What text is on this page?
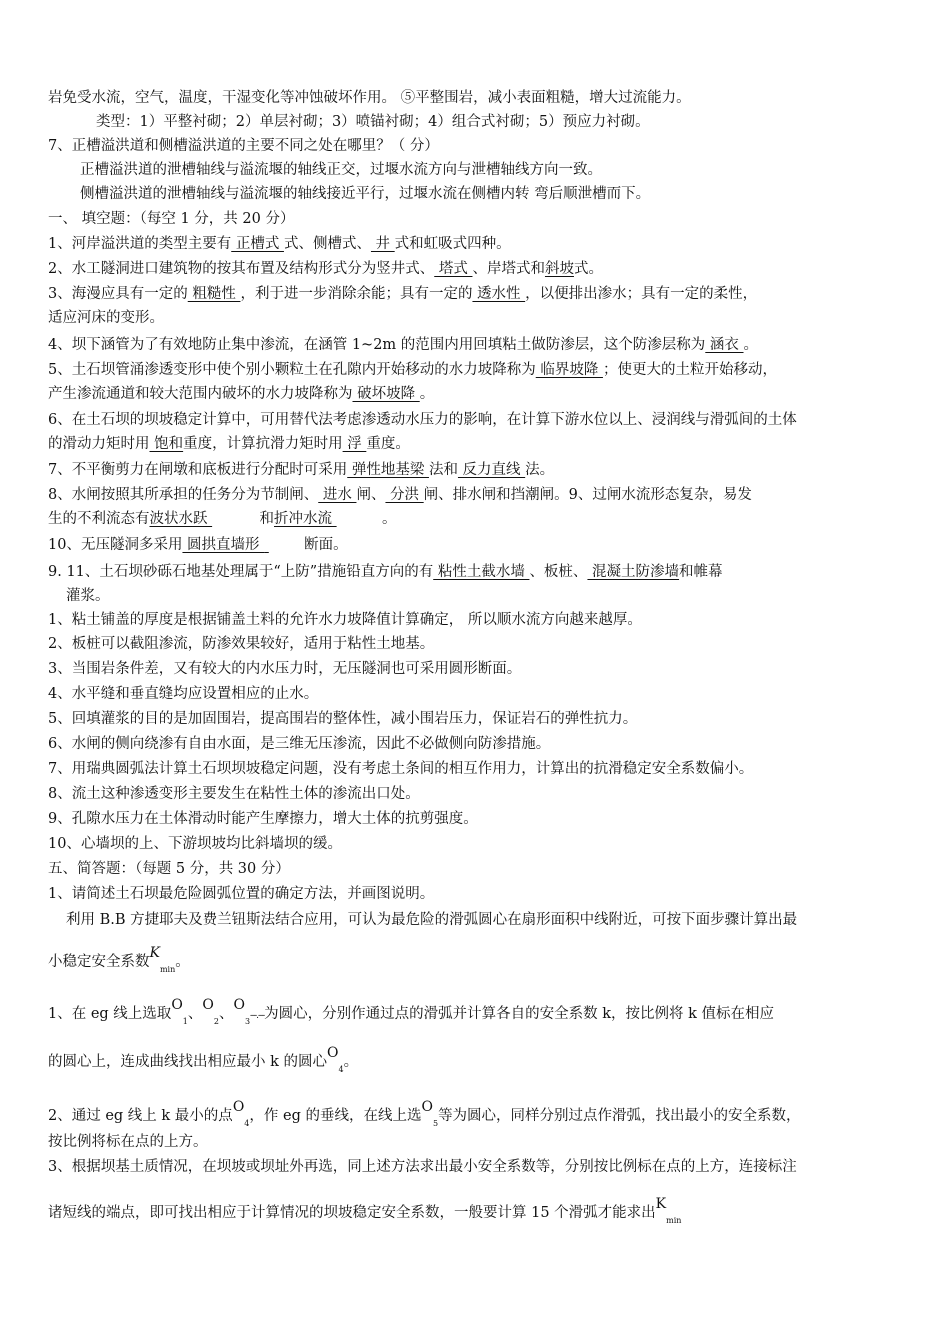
岩免受水流，空气，温度，干湿变化等冲蚀破坏作用。 ⑤平整围岩，减小表面粗糙，增大过流能力。
类型：1）平整衬砌；2）单层衬砌；3）喷锚衬砌；4）组合式衬砌；5）预应力衬砌。
7、正槽溢洪道和侧槽溢洪道的主要不同之处在哪里？（ 分）
正槽溢洪道的泄槽轴线与溢流堰的轴线正交，过堰水流方向与泄槽轴线方向一致。
侧槽溢洪道的泄槽轴线与溢流堰的轴线接近平行，过堰水流在侧槽内转 弯后顺泄槽而下。
一、 填空题：（每空 1 分，共 20 分）
1、河岸溢洪道的类型主要有 正槽式 式、侧槽式、 井 式和虹吸式四种。
2、水工隧洞进口建筑物的按其布置及结构形式分为竖井式、 塔式 、岸塔式和斜坡式。
3、海漫应具有一定的 粗糙性 ，利于进一步消除余能；具有一定的 透水性 ，以便排出渗水；具有一定的柔性，
适应河床的变形。
4、坝下涵管为了有效地防止集中渗流，在涵管 1~2m 的范围内用回填粘土做防渗层，这个防渗层称为 涵衣 。
5、土石坝管涌渗透变形中使个别小颗粒土在孔隙内开始移动的水力坡降称为 临界坡降 ；使更大的土粒开始移动，
产生渗流通道和较大范围内破坏的水力坡降称为 破坏坡降 。
6、在土石坝的坝坡稳定计算中，可用替代法考虑渗透动水压力的影响，在计算下游水位以上、浸润线与滑弧间的土体
的滑动力矩时用 饱和重度，计算抗滑力矩时用 浮 重度。
7、不平衡剪力在闸墩和底板进行分配时可采用 弹性地基梁 法和 反力直线 法。
8、水闸按照其所承担的任务分为节制闸、 进水 闸、 分洪 闸、排水闸和挡潮闸。9、过闸水流形态复杂，易发
生的不利流态有波状水跃	和折冲水流	。
10、无压隧洞多采用 圆拱直墙形	断面。
9. 11、土石坝砂砾石地基处理属于“上防”措施铅直方向的有 粘性土截水墙 、板桩、 混凝土防渗墙和帷幕
灌浆。
1、粘土铺盖的厚度是根据铺盖土料的允许水力坡降值计算确定， 所以顺水流方向越来越厚。
2、板桩可以截阻渗流，防渗效果较好，适用于粘性土地基。
3、当围岩条件差，又有较大的内水压力时，无压隧洞也可采用圆形断面。
4、水平缝和垂直缝均应设置相应的止水。
5、回填灌浆的目的是加固围岩，提高围岩的整体性，减小围岩压力，保证岩石的弹性抗力。
6、水闸的侧向绕渗有自由水面，是三维无压渗流，因此不必做侧向防渗措施。
7、用瑞典圆弧法计算土石坝坝坡稳定问题，没有考虑土条间的相互作用力，计算出的抗滑稳定安全系数偏小。
8、流土这种渗透变形主要发生在粘性土体的渗流出口处。
9、孔隙水压力在土体滑动时能产生摩擦力，增大土体的抗剪强度。
10、心墙坝的上、下游坝坡均比斜墙坝的缓。
五、简答题：（每题 5 分，共 30 分）
1、请简述土石坝最危险圆弧位置的确定方法，并画图说明。
利用 B.B 方捷耶夫及费兰钮斯法结合应用，可认为最危险的滑弧圆心在扇形面积中线附近，可按下面步骤计算出最
小稳定安全系数$K_{min}$。
1、在 eg 线上选取$O_1$、$O_2$、$O_3---.---$为圆心，分别作通过点的滑弧并计算各自的安全系数 k，按比例将 k 值标在相应
的圆心上，连成曲线找出相应最小 k 的圆心$O_4$。
2、通过 eg 线上 k 最小的点$O_4$，作 eg 的垂线，在线上选$O_5$等为圆心，同样分别过点作滑弧，找出最小的安全系数，
按比例将标在点的上方。
3、根据坝基土质情况，在坝坡或坝址外再选，同上述方法求出最小安全系数等，分别按比例标在点的上方，连接标注
诸短线的端点，即可找出相应于计算情况的坝坡稳定安全系数，一般要计算 15 个滑弧才能求出$K_{min}$
